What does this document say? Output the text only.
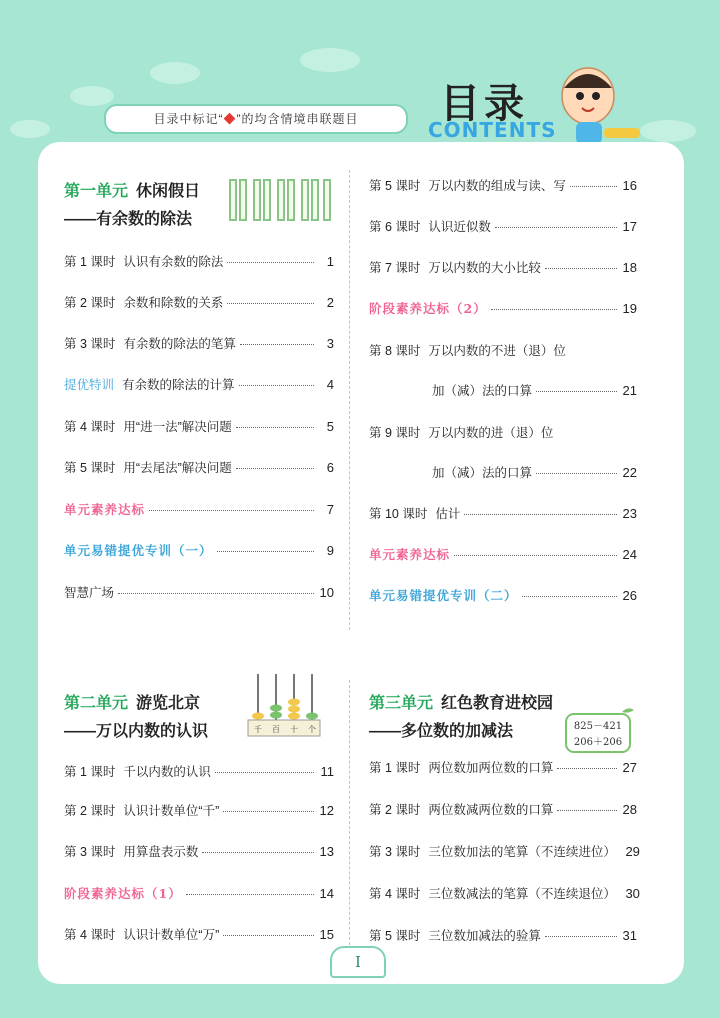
目录中标记“◆”的均含情境串联题目	目录
CONTENTS
第一单元 休闲假日
——有余数的除法
第 1 课时 认识有余数的除法	1
第 2 课时 余数和除数的关系	2
第 3 课时 有余数的除法的笔算	3
提优特训 有余数的除法的计算	4
第 4 课时 用“进一法”解决问题	5
第 5 课时 用“去尾法”解决问题	6
单元素养达标	7
单元易错提优专训（一）	9
智慧广场	10
第 5 课时 万以内数的组成与读、写	16
第 6 课时 认识近似数	17
第 7 课时 万以内数的大小比较	18
阶段素养达标（2）	19
第 8 课时 万以内数的不进（退）位
加（减）法的口算	21
第 9 课时 万以内数的进（退）位
加（减）法的口算	22
第 10 课时 估计	23
单元素养达标	24
单元易错提优专训（二）	26
第二单元 游览北京
——万以内数的认识	千 百 十 个
第 1 课时 千以内数的认识	11
第 2 课时 认识计数单位“千”	12
第 3 课时 用算盘表示数	13
阶段素养达标（1）	14
第 4 课时 认识计数单位“万”	15
第三单元 红色教育进校园
——多位数的加减法	825－421
206＋206
第 1 课时 两位数加两位数的口算	27
第 2 课时 两位数减两位数的口算	28
第 3 课时 三位数加法的笔算（不连续进位） 29
第 4 课时 三位数减法的笔算（不连续退位） 30
第 5 课时 三位数加减法的验算	31
I
